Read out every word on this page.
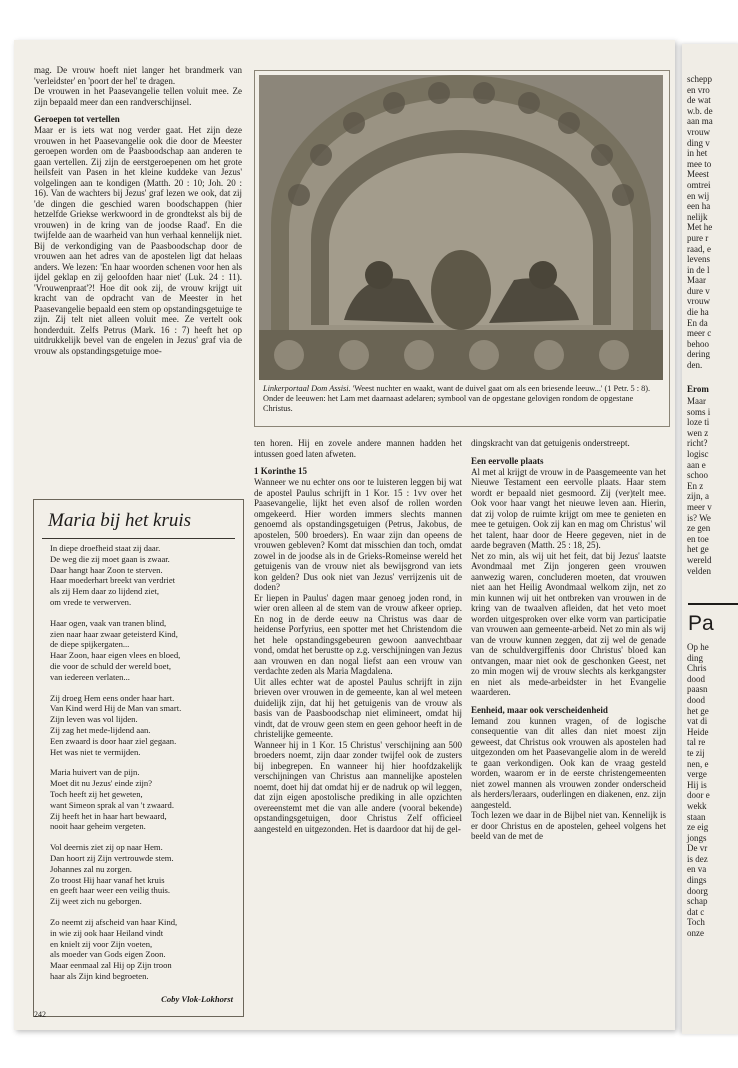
mag. De vrouw hoeft niet langer het brandmerk van 'verleidster' en 'poort der hel' te dragen.

De vrouwen in het Paasevangelie tellen voluit mee. Ze zijn bepaald meer dan een randverschijnsel.

Geroepen tot vertellen

Maar er is iets wat nog verder gaat. Het zijn deze vrouwen in het Paasevangelie ook die door de Meester geroepen worden om de Paasboodschap aan anderen te gaan vertellen. Zij zijn de eerstgeroepenen om het grote heilsfeit van Pasen in het kleine kuddeke van Jezus' volgelingen aan te kondigen (Matth. 20 : 10; Joh. 20 : 16). Van de wachters bij Jezus' graf lezen we ook, dat zij 'de dingen die geschied waren boodschappen (hier hetzelfde Griekse werkwoord in de grondtekst als bij de vrouwen) in de kring van de joodse Raad'. En die twijfelde aan de waarheid van hun verhaal kennelijk niet. Bij de verkondiging van de Paasboodschap door de vrouwen aan het adres van de apostelen ligt dat helaas anders. We lezen: 'En haar woorden schenen voor hen als ijdel geklap en zij geloofden haar niet' (Luk. 24 : 11). 'Vrouwenpraat'?! Hoe dit ook zij, de vrouw krijgt uit kracht van de opdracht van de Meester in het Paasevangelie bepaald een stem op opstandingsgetuige te zijn. Zij telt niet alleen voluit mee. Ze vertelt ook honderduit. Zelfs Petrus (Mark. 16 : 7) heeft het op uitdrukkelijk bevel van de engelen in Jezus' graf via de vrouw als opstandingsgetuige moe-

Linkerportaal Dom Assisi. 'Weest nuchter en waakt, want de duivel gaat om als een briesende leeuw...' (1 Petr. 5 : 8).
Onder de leeuwen: het Lam met daarnaast adelaren; symbool van de opgestane gelovigen rondom de opgestane Christus.
Maria bij het kruis
In diepe droefheid staat zij daar.
De weg die zij moet gaan is zwaar.
Daar hangt haar Zoon te sterven.
Haar moederhart breekt van verdriet
als zij Hem daar zo lijdend ziet,
om vrede te verwerven.
Haar ogen, vaak van tranen blind,
zien naar haar zwaar geteisterd Kind,
de diepe spijkergaten...
Haar Zoon, haar eigen vlees en bloed,
die voor de schuld der wereld boet,
van iedereen verlaten...
Zij droeg Hem eens onder haar hart.
Van Kind werd Hij de Man van smart.
Zijn leven was vol lijden.
Zij zag het mede-lijdend aan.
Een zwaard is door haar ziel gegaan.
Het was niet te vermijden.
Maria huivert van de pijn.
Moet dit nu Jezus' einde zijn?
Toch heeft zij het geweten,
want Simeon sprak al van 't zwaard.
Zij heeft het in haar hart bewaard,
nooit haar geheim vergeten.
Vol deernis ziet zij op naar Hem.
Dan hoort zij Zijn vertrouwde stem.
Johannes zal nu zorgen.
Zo troost Hij haar vanaf het kruis
en geeft haar weer een veilig thuis.
Zij weet zich nu geborgen.
Zo neemt zij afscheid van haar Kind,
in wie zij ook haar Heiland vindt
en knielt zij voor Zijn voeten,
als moeder van Gods eigen Zoon.
Maar eenmaal zal Hij op Zijn troon
haar als Zijn kind begroeten.
Coby Vlok-Lokhorst

ten horen. Hij en zovele andere mannen hadden het intussen goed laten afweten.

1 Korinthe 15

Wanneer we nu echter ons oor te luisteren leggen bij wat de apostel Paulus schrijft in 1 Kor. 15 : 1vv over het Paasevangelie, lijkt het even alsof de rollen worden omgekeerd. Hier worden immers slechts mannen genoemd als opstandingsgetuigen (Petrus, Jakobus, de apostelen, 500 broeders). En waar zijn dan opeens de vrouwen gebleven? Komt dat misschien dan toch, omdat zowel in de joodse als in de Grieks-Romeinse wereld het getuigenis van de vrouw niet als bewijsgrond van iets kon gelden? Dus ook niet van Jezus' verrijzenis uit de doden?

Er liepen in Paulus' dagen maar genoeg joden rond, in wier oren alleen al de stem van de vrouw afkeer opriep. En nog in de derde eeuw na Christus was daar de heidense Porfyrius, een spotter met het Christendom die het hele opstandingsgebeuren gewoon aanvechtbaar vond, omdat het berustte op z.g. verschijningen van Jezus aan vrouwen en dan nogal liefst aan een vrouw van verdachte zeden als Maria Magdalena.

Uit alles echter wat de apostel Paulus schrijft in zijn brieven over vrouwen in de gemeente, kan al wel meteen duidelijk zijn, dat hij het getuigenis van de vrouw als basis van de Paasboodschap niet elimineert, omdat hij vindt, dat de vrouw geen stem en geen gehoor heeft in de christelijke gemeente.

Wanneer hij in 1 Kor. 15 Christus' verschijning aan 500 broeders noemt, zijn daar zonder twijfel ook de zusters bij inbegrepen. En wanneer hij hier hoofdzakelijk verschijningen van Christus aan mannelijke apostelen noemt, doet hij dat omdat hij er de nadruk op wil leggen, dat zijn eigen apostolische prediking in alle opzichten overeenstemt met die van alle andere (vooral bekende) opstandingsgetuigen, door Christus Zelf officieel aangesteld en uitgezonden. Het is daardoor dat hij de gel-

dingskracht van dat getuigenis onderstreept.

Een eervolle plaats

Al met al krijgt de vrouw in de Paasgemeente van het Nieuwe Testament een eervolle plaats. Haar stem wordt er bepaald niet gesmoord. Zij (ver)telt mee. Ook voor haar vangt het nieuwe leven aan. Hierin, dat zij volop de ruimte krijgt om mee te genieten en mee te getuigen. Ook zij kan en mag om Christus' wil het talent, haar door de Heere gegeven, niet in de aarde begraven (Matth. 25 : 18, 25).

Net zo min, als wij uit het feit, dat bij Jezus' laatste Avondmaal met Zijn jongeren geen vrouwen aanwezig waren, concluderen moeten, dat vrouwen niet aan het Heilig Avondmaal welkom zijn, net zo min kunnen wij uit het ontbreken van vrouwen in de kring van de twaalven afleiden, dat het veto moet worden uitgesproken over elke vorm van participatie van vrouwen aan gemeente-arbeid. Net zo min als wij van de vrouw kunnen zeggen, dat zij wel de genade van de schuldvergiffenis door Christus' bloed kan ontvangen, maar niet ook de geschonken Geest, net zo min mogen wij de vrouw slechts als kerkgangster en niet als mede-arbeidster in het Evangelie waarderen.

Eenheid, maar ook verscheidenheid

Iemand zou kunnen vragen, of de logische consequentie van dit alles dan niet moest zijn geweest, dat Christus ook vrouwen als apostelen had uitgezonden om het Paasevangelie alom in de wereld te gaan verkondigen. Ook kan de vraag gesteld worden, waarom er in de eerste christengemeenten niet zowel mannen als vrouwen zonder onderscheid als herders/leraars, ouderlingen en diakenen, enz. zijn aangesteld.

Toch lezen we daar in de Bijbel niet van. Kennelijk is er door Christus en de apostelen, geheel volgens het beeld van de met de

242
schepp
en vro
de wat
w.b. de
aan ma
vrouw
ding v
in het
mee to
Meest
omtrei
en wij
een ha
nelijk
Met he
pure r
raad, e
levens
in de l
Maar
dure v
vrouw
die ha
En da
meer c
behoo
dering
den.
Erom
Maar
soms i
loze ti
wen z
richt?
logisc
aan e
schoo
En z
zijn, a
meer v
is? We
ze gen
en toe
het ge
wereld
velden
Pa
Op he
ding
Chris
dood
paasn
dood
het ge
vat di
Heide
tal re
te zij
nen, e
verge
Hij is
door e
wekk
staan
ze eig
jongs
De vr
is dez
en va
dings
doorg
schap
dat c
Toch
onze
